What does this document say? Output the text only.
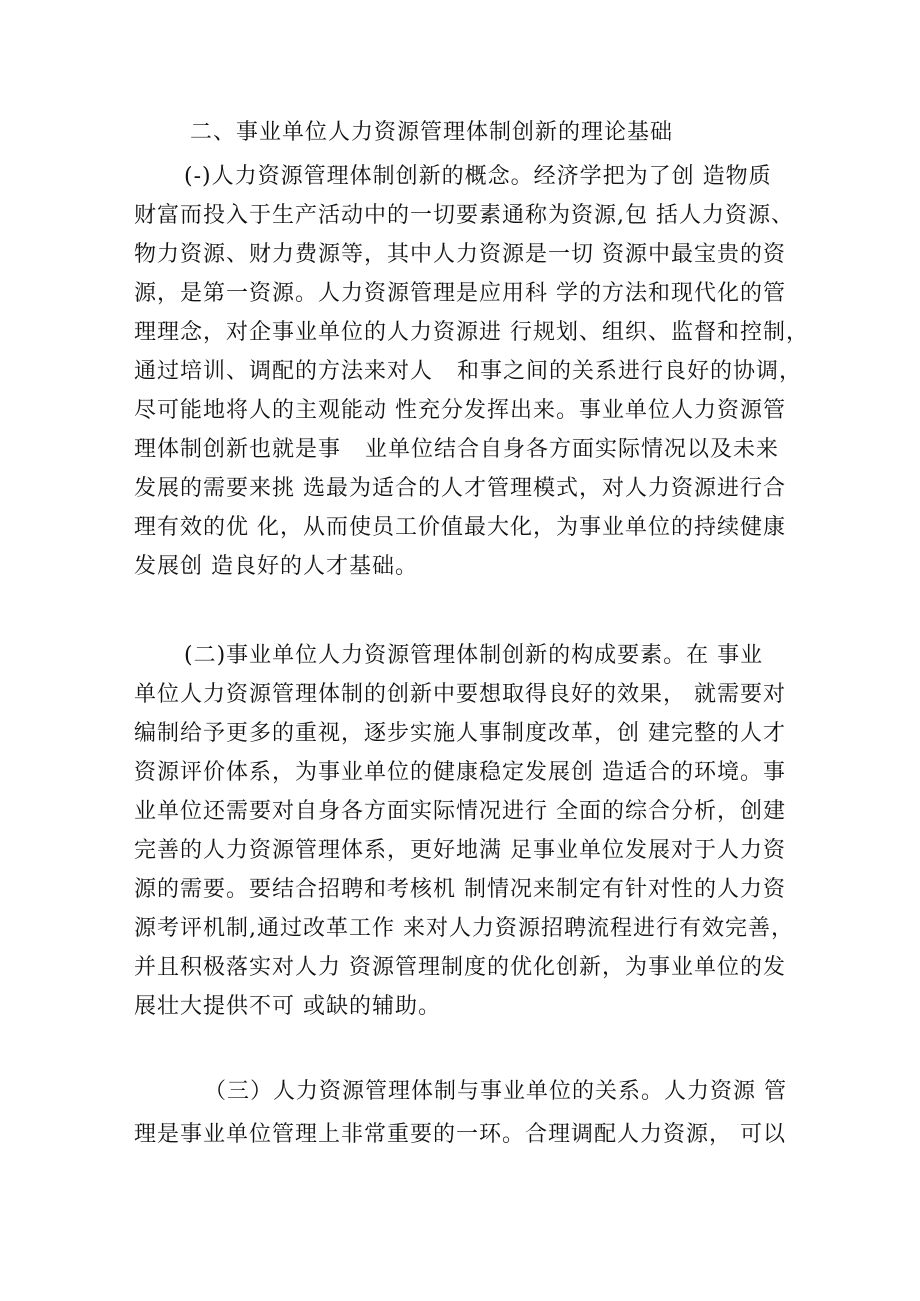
二、事业单位人力资源管理体制创新的理论基础
(-)人力资源管理体制创新的概念。经济学把为了创 造物质
财富而投入于生产活动中的一切要素通称为资源,包 括人力资源、
物力资源、财力费源等，其中人力资源是一切 资源中最宝贵的资
源，是第一资源。人力资源管理是应用科 学的方法和现代化的管
理理念，对企事业单位的人力资源进 行规划、组织、监督和控制，
通过培训、调配的方法来对人   和事之间的关系进行良好的协调，
尽可能地将人的主观能动 性充分发挥出来。事业单位人力资源管
理体制创新也就是事   业单位结合自身各方面实际情况以及未来
发展的需要来挑 选最为适合的人才管理模式，对人力资源进行合
理有效的优 化，从而使员工价值最大化，为事业单位的持续健康
发展创 造良好的人才基础。
(二)事业单位人力资源管理体制创新的构成要素。在 事业
单位人力资源管理体制的创新中要想取得良好的效果， 就需要对
编制给予更多的重视，逐步实施人事制度改革，创 建完整的人才
资源评价体系，为事业单位的健康稳定发展创 造适合的环境。事
业单位还需要对自身各方面实际情况进行 全面的综合分析，创建
完善的人力资源管理体系，更好地满 足事业单位发展对于人力资
源的需要。要结合招聘和考核机 制情况来制定有针对性的人力资
源考评机制,通过改革工作 来对人力资源招聘流程进行有效完善，
并且积极落实对人力 资源管理制度的优化创新，为事业单位的发
展壮大提供不可 或缺的辅助。
（三）人力资源管理体制与事业单位的关系。人力资源 管
理是事业单位管理上非常重要的一环。合理调配人力资源， 可以
